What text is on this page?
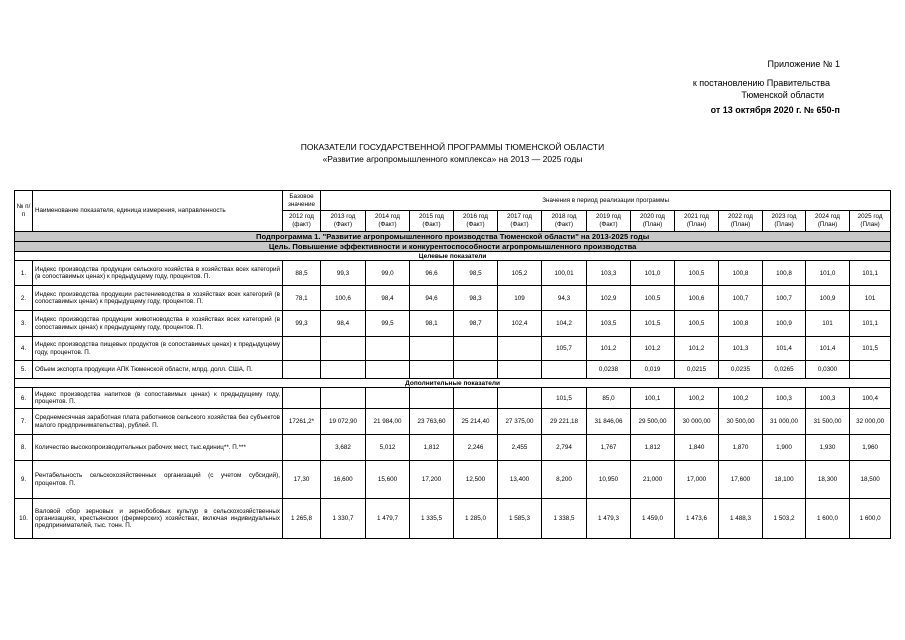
Приложение № 1
к постановлению Правительства
Тюменской области
от 13 октября 2020 г. № 650-п
ПОКАЗАТЕЛИ ГОСУДАРСТВЕННОЙ ПРОГРАММЫ ТЮМЕНСКОЙ ОБЛАСТИ
«Развитие агропромышленного комплекса» на 2013 — 2025 годы
№ п/п	Наименование показателя, единица измерения, направленность	Базовое значение	Значения в период реализации программы												
		2012 год (факт)	2013 год (Факт)	2014 год (Факт)	2015 год (Факт)	2016 год (Факт)	2017 год (Факт)	2018 год (Факт)	2019 год (Факт)	2020 год (План)	2021 год (План)	2022 год (План)	2023 год (План)	2024 год (План)	2025 год (План)
Подпрограмма 1. "Развитие агропромышленного производства Тюменской области" на 2013-2025 годы															
Цель. Повышение эффективности и конкурентоспособности агропромышленного производства															
Целевые показатели															
1.	Индекс производства продукции сельского хозяйства в хозяйствах всех категорий (в сопоставимых ценах) к предыдущему году, процентов. П.	88,5	99,3	99,0	96,6	98,5	105,2	100,01	103,3	101,0	100,5	100,8	100,8	101,0	101,1
2.	Индекс производства продукции растениеводства в хозяйствах всех категорий (в сопоставимых ценах) к предыдущему году, процентов. П.	78,1	100,6	98,4	94,6	98,3	109	94,3	102,9	100,5	100,6	100,7	100,7	100,9	101
3.	Индекс производства продукции животноводства в хозяйствах всех категорий (в сопоставимых ценах) к предыдущему году, процентов. П.	99,3	98,4	99,5	98,1	98,7	102,4	104,2	103,5	101,5	100,5	100,8	100,9	101	101,1
4.	Индекс производства пищевых продуктов (в сопоставимых ценах) к предыдущему году, процентов. П.							105,7	101,2	101,2	101,2	101,3	101,4	101,4	101,5
5.	Объем экспорта продукции АПК Тюменской области, млрд. долл. США, П.								0,0238	0,019	0,0215	0,0235	0,0265	0,0300	
Дополнительные показатели															
6.	Индекс производства напитков (в сопоставимых ценах) к предыдущему году, процентов. П.							101,5	85,0	100,1	100,2	100,2	100,3	100,3	100,4
7.	Среднемесячная заработная плата работников сельского хозяйства без субъектов малого предпринимательства), рублей. П.	17261,2*	19 072,90	21 984,00	23 763,60	25 214,40	27 375,00	29 221,18	31 846,06	29 500,00	30 000,00	30 500,00	31 000,00	31 500,00	32 000,00
8.	Количество высокопроизводительных рабочих мест, тыс.единиц**. П.***		3,682	5,012	1,812	2,246	2,455	2,794	1,767	1,812	1,840	1,870	1,900	1,930	1,960
9.	Рентабельность сельскохозяйственных организаций (с учетом субсидий), процентов. П.	17,30	16,600	15,600	17,200	12,500	13,400	8,200	10,950	21,000	17,000	17,600	18,100	18,300	18,500
10.	Валовой сбор зерновых и зернобобовых культур в сельскохозяйственных организациях, крестьянских (фермерских) хозяйствах, включая индивидуальных предпринимателей, тыс. тонн. П.	1 265,8	1 330,7	1 479,7	1 335,5	1 285,0	1 585,3	1 338,5	1 479,3	1 459,0	1 473,6	1 488,3	1 503,2	1 600,0	1 600,0
